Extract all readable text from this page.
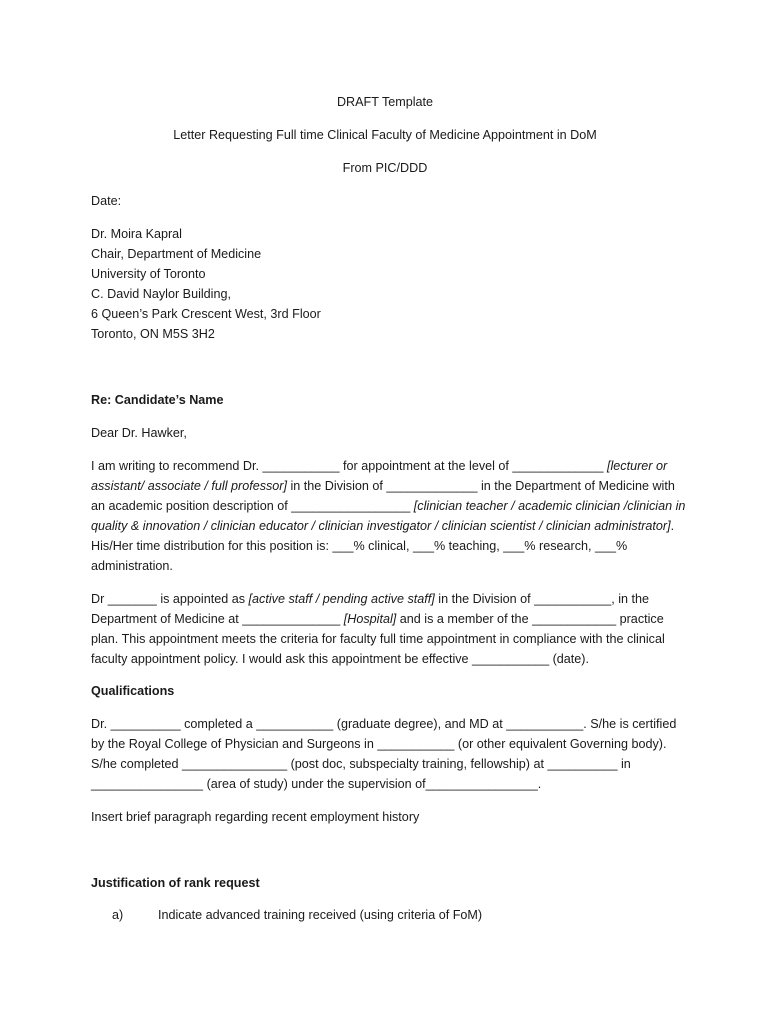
DRAFT Template
Letter Requesting Full time Clinical Faculty of Medicine Appointment in DoM
From PIC/DDD
Date:
Dr. Moira Kapral
Chair, Department of Medicine
University of Toronto
C. David Naylor Building,
6 Queen’s Park Crescent West, 3rd Floor
Toronto, ON M5S 3H2
Re: Candidate’s Name
Dear Dr. Hawker,

I am writing to recommend Dr. ___________ for appointment at the level of _____________ [lecturer or assistant/ associate / full professor] in the Division of _____________ in the Department of Medicine with an academic position description of _________________ [clinician teacher / academic clinician /clinician in quality & innovation / clinician educator / clinician investigator / clinician scientist / clinician administrator]. His/Her time distribution for this position is: ___% clinical, ___% teaching, ___% research, ___% administration.

Dr _______ is appointed as [active staff / pending active staff] in the Division of ___________, in the Department of Medicine at ______________ [Hospital] and is a member of the ____________ practice plan. This appointment meets the criteria for faculty full time appointment in compliance with the clinical faculty appointment policy. I would ask this appointment be effective ___________ (date).

Qualifications

Dr. __________ completed a ___________ (graduate degree), and MD at ___________. S/he is certified by the Royal College of Physician and Surgeons in ___________ (or other equivalent Governing body). S/he completed _______________ (post doc, subspecialty training, fellowship) at __________ in ________________ (area of study) under the supervision of________________.

Insert brief paragraph regarding recent employment history
Justification of rank request
a)	Indicate advanced training received (using criteria of FoM)
